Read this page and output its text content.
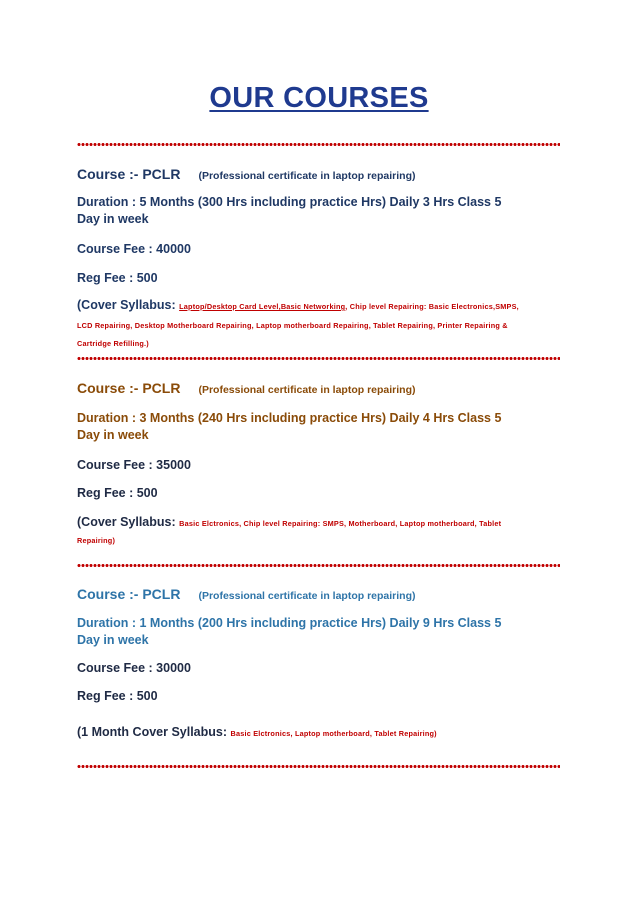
OUR COURSES

Course :- PCLR (Professional certificate in laptop repairing)

Duration : 5 Months (300 Hrs including practice Hrs) Daily 3 Hrs Class 5

Day in week

Course Fee : 40000

Reg Fee : 500

(Cover Syllabus: Laptop/Desktop Card Level,Basic Networking, Chip level Repairing: Basic Electronics,SMPS,

LCD Repairing, Desktop Motherboard Repairing, Laptop motherboard Repairing, Tablet Repairing, Printer Repairing &

Cartridge Refilling.)

Course :- PCLR (Professional certificate in laptop repairing)

Duration : 3 Months (240 Hrs including practice Hrs) Daily 4 Hrs Class 5

Day in week

Course Fee : 35000

Reg Fee : 500

(Cover Syllabus: Basic Elctronics, Chip level Repairing: SMPS, Motherboard, Laptop motherboard, Tablet

Repairing)

Course :- PCLR (Professional certificate in laptop repairing)

Duration : 1 Months (200 Hrs including practice Hrs) Daily 9 Hrs Class 5

Day in week

Course Fee : 30000

Reg Fee : 500

(1 Month Cover Syllabus: Basic Elctronics, Laptop motherboard, Tablet Repairing)
